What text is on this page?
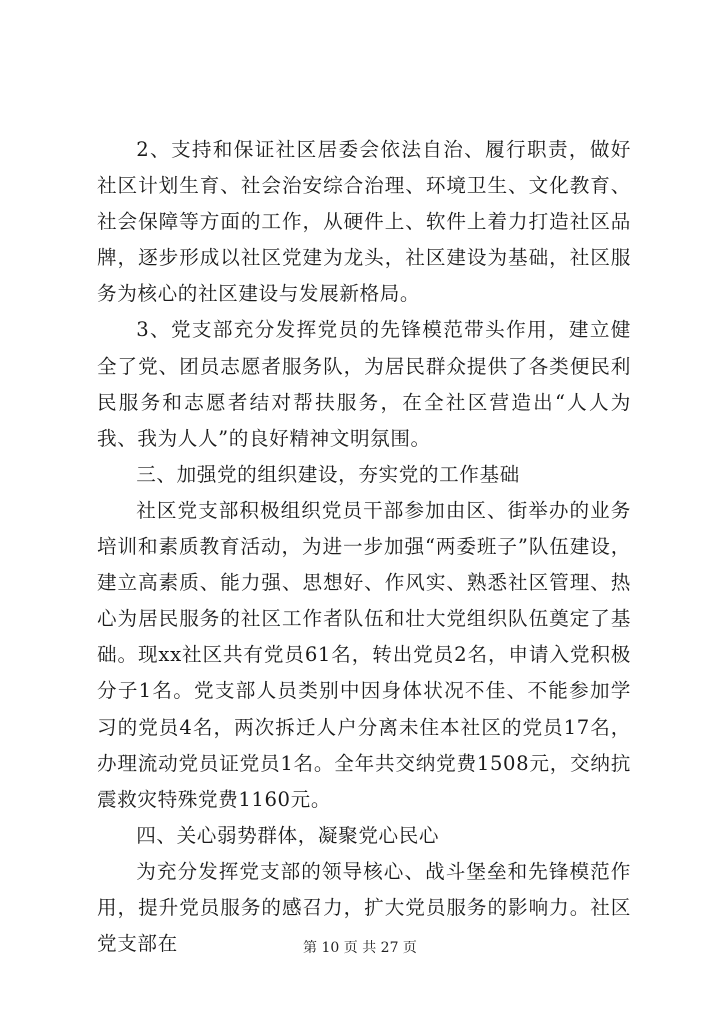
2、支持和保证社区居委会依法自治、履行职责，做好社区计划生育、社会治安综合治理、环境卫生、文化教育、社会保障等方面的工作，从硬件上、软件上着力打造社区品牌，逐步形成以社区党建为龙头，社区建设为基础，社区服务为核心的社区建设与发展新格局。

3、党支部充分发挥党员的先锋模范带头作用，建立健全了党、团员志愿者服务队，为居民群众提供了各类便民利民服务和志愿者结对帮扶服务，在全社区营造出“人人为我、我为人人”的良好精神文明氛围。

三、加强党的组织建设，夯实党的工作基础

社区党支部积极组织党员干部参加由区、街举办的业务培训和素质教育活动，为进一步加强“两委班子”队伍建设，建立高素质、能力强、思想好、作风实、熟悉社区管理、热心为居民服务的社区工作者队伍和壮大党组织队伍奠定了基础。现xx社区共有党员61名，转出党员2名，申请入党积极分子1名。党支部人员类别中因身体状况不佳、不能参加学习的党员4名，两次拆迁人户分离未住本社区的党员17名，办理流动党员证党员1名。全年共交纳党费1508元，交纳抗震救灾特殊党费1160元。

四、关心弱势群体，凝聚党心民心

为充分发挥党支部的领导核心、战斗堡垒和先锋模范作用，提升党员服务的感召力，扩大党员服务的影响力。社区党支部在	第 10 页 共 27 页
